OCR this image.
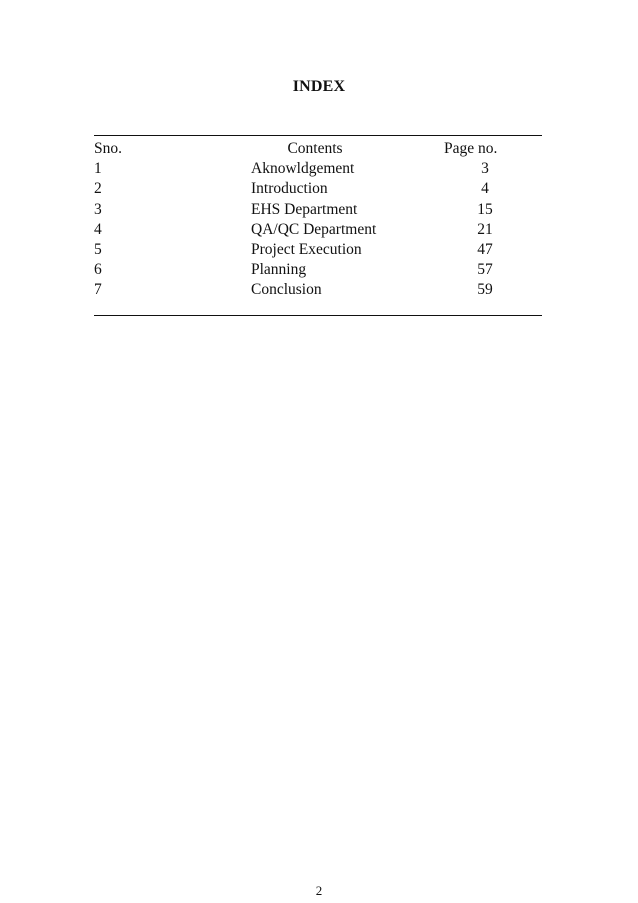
INDEX
Sno.	Contents	Page no.
1	Aknowldgement	3
2	Introduction	4
3	EHS Department	15
4	QA/QC Department	21
5	Project Execution	47
6	Planning	57
7	Conclusion	59
2
